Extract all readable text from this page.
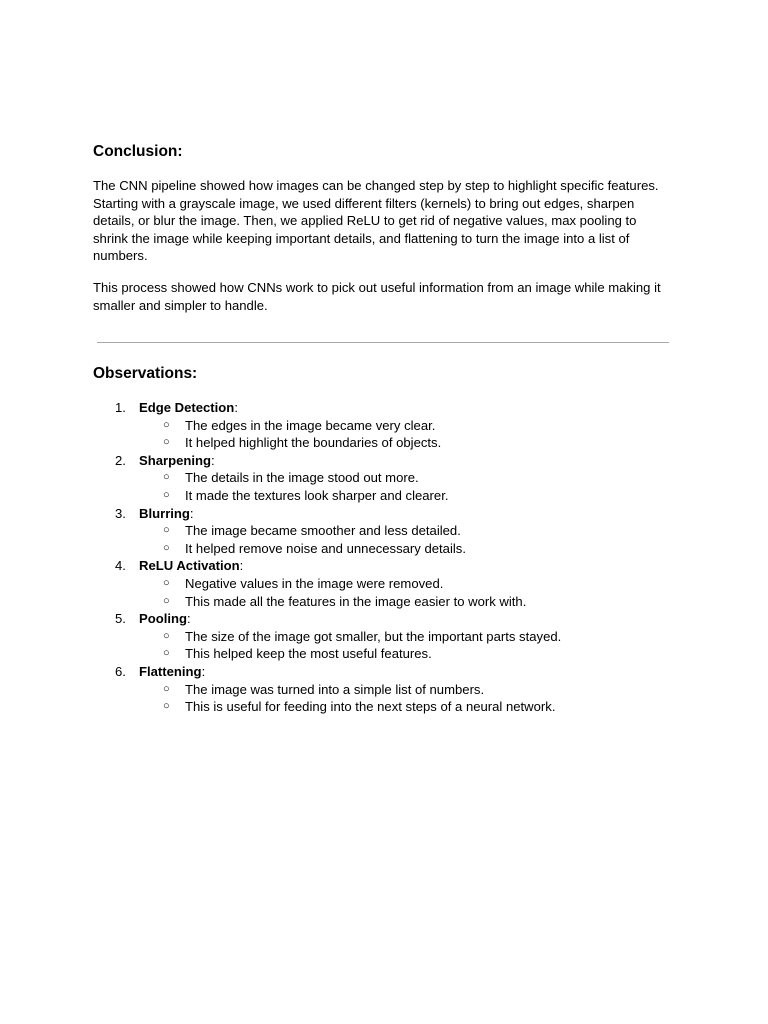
Conclusion:

The CNN pipeline showed how images can be changed step by step to highlight specific features. Starting with a grayscale image, we used different filters (kernels) to bring out edges, sharpen details, or blur the image. Then, we applied ReLU to get rid of negative values, max pooling to shrink the image while keeping important details, and flattening to turn the image into a list of numbers.

This process showed how CNNs work to pick out useful information from an image while making it smaller and simpler to handle.

Observations:
1. Edge Detection:
○ The edges in the image became very clear.
○ It helped highlight the boundaries of objects.
2. Sharpening:
○ The details in the image stood out more.
○ It made the textures look sharper and clearer.
3. Blurring:
○ The image became smoother and less detailed.
○ It helped remove noise and unnecessary details.
4. ReLU Activation:
○ Negative values in the image were removed.
○ This made all the features in the image easier to work with.
5. Pooling:
○ The size of the image got smaller, but the important parts stayed.
○ This helped keep the most useful features.
6. Flattening:
○ The image was turned into a simple list of numbers.
○ This is useful for feeding into the next steps of a neural network.
